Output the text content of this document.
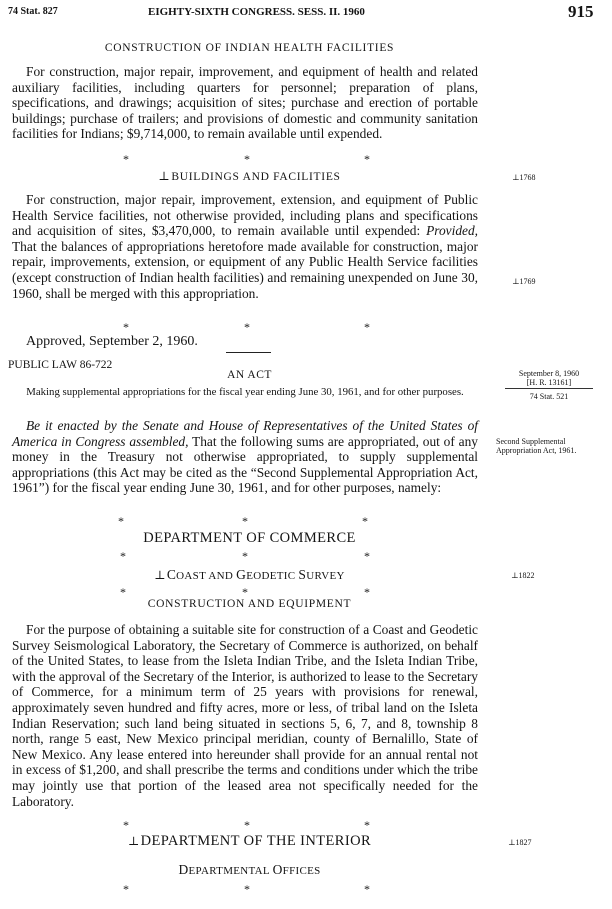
74 Stat. 827	EIGHTY-SIXTH CONGRESS. SESS. II. 1960	915
CONSTRUCTION OF INDIAN HEALTH FACILITIES

For construction, major repair, improvement, and equipment of health and related auxiliary facilities, including quarters for personnel; preparation of plans, specifications, and drawings; acquisition of sites; purchase and erection of portable buildings; purchase of trailers; and provisions of domestic and community sanitation facilities for Indians; $9,714,000, to remain available until expended.

*	*	*
⊥BUILDINGS AND FACILITIES	⊥1768

For construction, major repair, improvement, extension, and equipment of Public Health Service facilities, not otherwise provided, including plans and specifications and acquisition of sites, $3,470,000, to remain available until expended: Provided, That the balances of appropriations heretofore made available for construction, major repair, improvements, extension, or equipment of any Public Health Service facilities (except construction of Indian health facilities) and remaining unexpended on June 30, 1960, shall be merged with this appropriation.

⊥1769
*	*	*
Approved, September 2, 1960.
PUBLIC LAW 86-722
AN ACT
Making supplemental appropriations for the fiscal year ending June 30, 1961, and for other purposes.
September 8, 1960
[H. R. 13161]
74 Stat. 521

Be it enacted by the Senate and House of Representatives of the United States of America in Congress assembled, That the following sums are appropriated, out of any money in the Treasury not otherwise appropriated, to supply supplemental appropriations (this Act may be cited as the “Second Supplemental Appropriation Act, 1961”) for the fiscal year ending June 30, 1961, and for other purposes, namely:

Second Supplemental Appropriation Act, 1961.
*	*	*
DEPARTMENT OF COMMERCE
*	*	*
⊥COAST AND GEODETIC SURVEY	⊥1822
*	*	*
CONSTRUCTION AND EQUIPMENT

For the purpose of obtaining a suitable site for construction of a Coast and Geodetic Survey Seismological Laboratory, the Secretary of Commerce is authorized, on behalf of the United States, to lease from the Isleta Indian Tribe, and the Isleta Indian Tribe, with the approval of the Secretary of the Interior, is authorized to lease to the Secretary of Commerce, for a minimum term of 25 years with provisions for renewal, approximately seven hundred and fifty acres, more or less, of tribal land on the Isleta Indian Reservation; such land being situated in sections 5, 6, 7, and 8, township 8 north, range 5 east, New Mexico principal meridian, county of Bernalillo, State of New Mexico. Any lease entered into hereunder shall provide for an annual rental not in excess of $1,200, and shall prescribe the terms and conditions under which the tribe may jointly use that portion of the leased area not specifically needed for the Laboratory.

*	*	*
⊥DEPARTMENT OF THE INTERIOR	⊥1827
DEPARTMENTAL OFFICES
*	*	*
